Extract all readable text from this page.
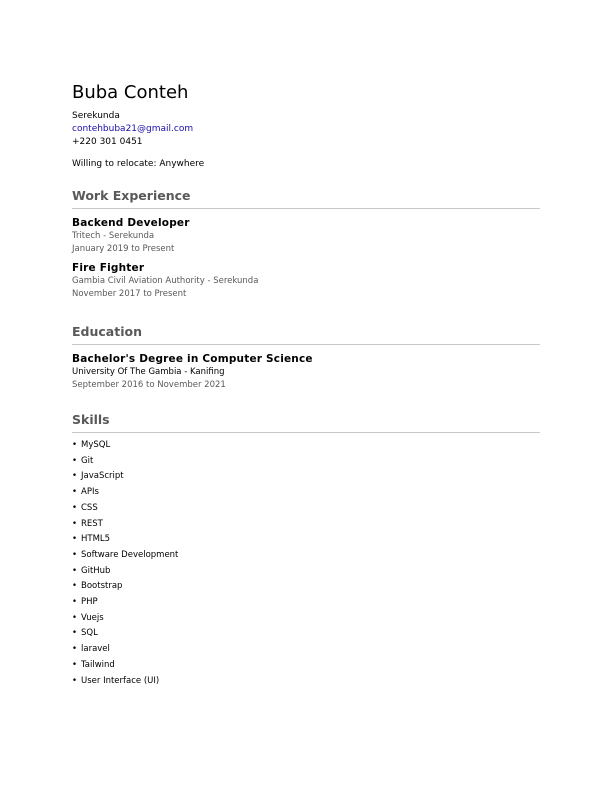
Buba Conteh
Serekunda
contehbuba21@gmail.com
+220 301 0451
Willing to relocate: Anywhere
Work Experience
Backend Developer
Tritech - Serekunda
January 2019 to Present
Fire Fighter
Gambia Civil Aviation Authority - Serekunda
November 2017 to Present
Education
Bachelor's Degree in Computer Science
University Of The Gambia - Kanifing
September 2016 to November 2021
Skills
• MySQL
• Git
• JavaScript
• APIs
• CSS
• REST
• HTML5
• Software Development
• GitHub
• Bootstrap
• PHP
• Vuejs
• SQL
• laravel
• Tailwind
• User Interface (UI)
